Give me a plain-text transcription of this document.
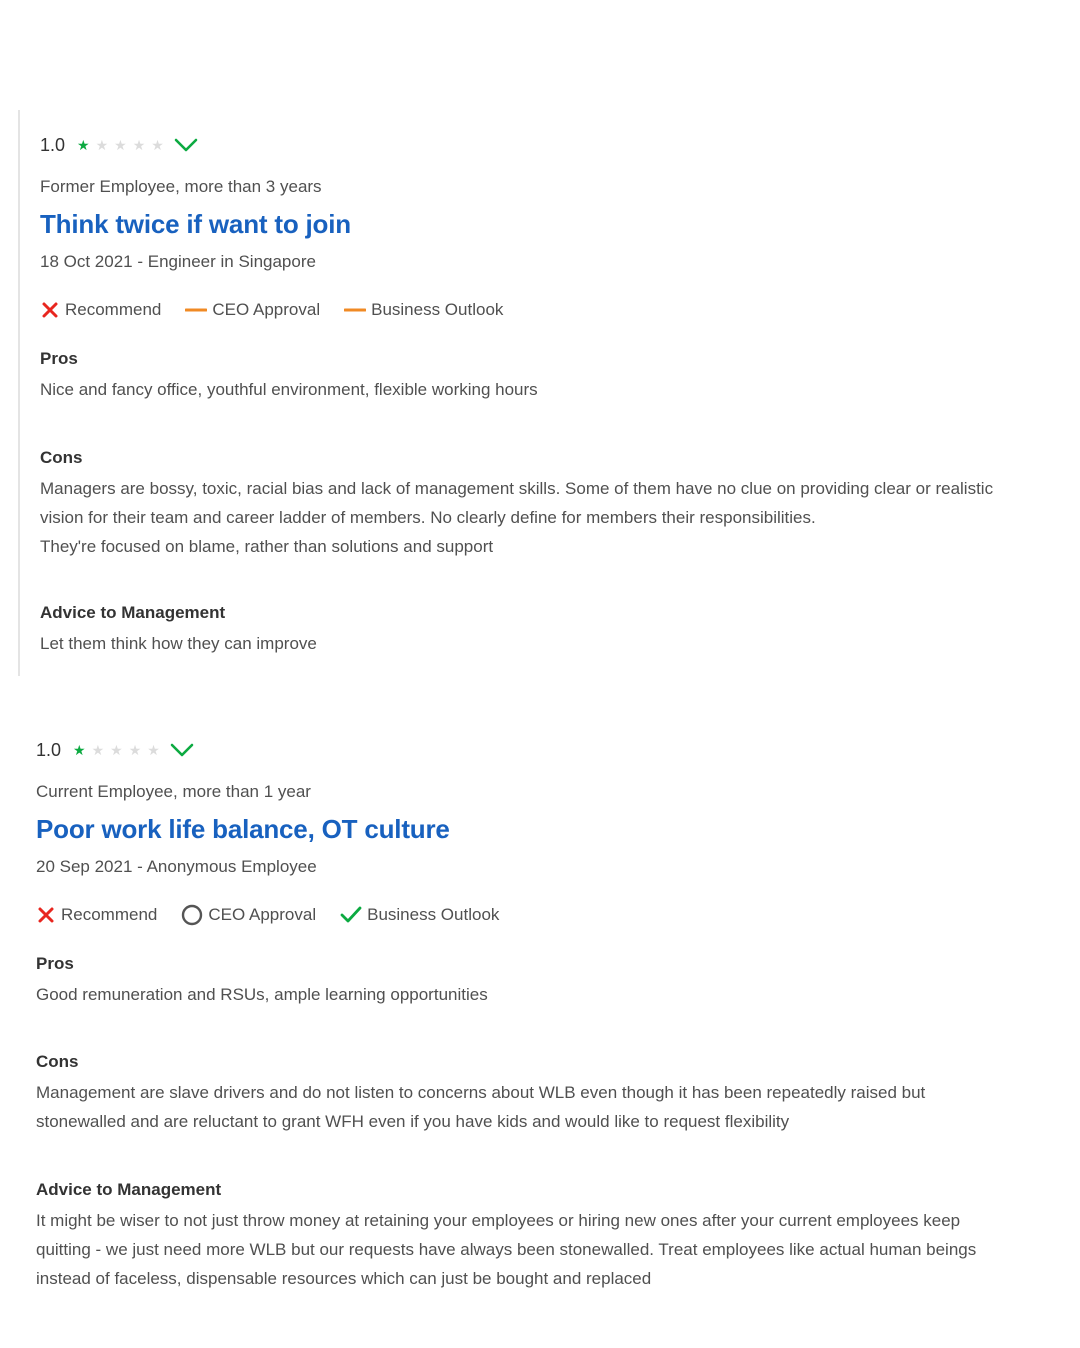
1.0 ★ ★ ★ ★ ★
Former Employee, more than 3 years
Think twice if want to join
18 Oct 2021 - Engineer in Singapore
Recommend	CEO Approval	Business Outlook
Pros
Nice and fancy office, youthful environment, flexible working hours
Cons
Managers are bossy, toxic, racial bias and lack of management skills. Some of them have no clue on providing clear or realistic
vision for their team and career ladder of members. No clearly define for members their responsibilities.
They're focused on blame, rather than solutions and support
Advice to Management
Let them think how they can improve
1.0 ★ ★ ★ ★ ★
Current Employee, more than 1 year
Poor work life balance, OT culture
20 Sep 2021 - Anonymous Employee
Recommend	CEO Approval	Business Outlook
Pros
Good remuneration and RSUs, ample learning opportunities
Cons
Management are slave drivers and do not listen to concerns about WLB even though it has been repeatedly raised but
stonewalled and are reluctant to grant WFH even if you have kids and would like to request flexibility
Advice to Management
It might be wiser to not just throw money at retaining your employees or hiring new ones after your current employees keep
quitting - we just need more WLB but our requests have always been stonewalled. Treat employees like actual human beings
instead of faceless, dispensable resources which can just be bought and replaced
